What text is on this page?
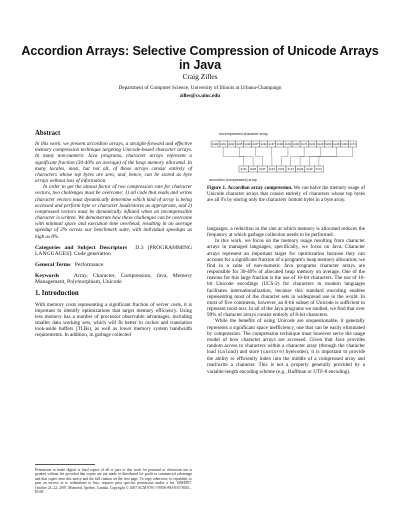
Accordion Arrays: Selective Compression of Unicode Arrays in Java
Craig Zilles
Department of Computer Science, University of Illinois at Urbana-Champaign
zilles@cs.uiuc.edu
Abstract

In this work, we present accordion arrays, a straight-forward and effective memory compression technique targeting Unicode-based character arrays. In many non-numeric Java programs, character arrays represent a significant fraction (30-40% on average) of the heap memory allocated. In many locales, most, but not all, of those arrays consist entirely of characters whose top bytes are zero, and, hence, can be stored as byte arrays without loss of information.

In order to get the almost factor of two compression rate for character vectors, two challenges must be overcome: 1) all code that reads and writes character vectors must dynamically determine which kind of array is being accessed and perform byte or character loads/stores as appropriate, and 2) compressed vectors must be dynamically inflated when an incompressible character is written. We demonstrate how these challenges can be overcome with minimal space and execution time overhead, resulting in an average speedup of 2% across our benchmark suite, with individual speedups as high as 8%.

Categories and Subject Descriptors D.3 [PROGRAMMING LANGUAGES]: Code generation

General Terms Performance

Keywords	Array, Character, Compression, Java, Memory Management, Polymorphism, Unicode

1. Introduction

With memory costs representing a significant fraction of server costs, it is important to identify optimizations that target memory efficiency. Using less memory has a number of processor observable advantages, including smaller data working sets, which will fit better in caches and translation look-aside buffers (TLBs), as well as lower memory system bandwidth requirements. In addition, in garbage collected

Permission to make digital or hard copies of all or part of this work for personal or classroom use is granted without fee provided that copies are not made or distributed for profit or commercial advantage and that copies bear this notice and the full citation on the first page. To copy otherwise, to republish, to post on servers or to redistribute to lists, requires prior specific permission and/or a fee. ISMM'07, October 21–22, 2007, Montréal, Québec, Canada. Copyright © 2007 ACM 978-1-59593-893-0/07/0010... $5.00
uncompressed character array
0x00 0x6c 0x00 0x65 0x00 0x6f 0x00 0x67 0x00 0x61 0x00 0x74 0x00 0x20 0x00 0x49 0x00 0x74
0x6c 0x65 0x6f 0x67 0x61 0x74 0x20 0x49 0x74
accordion (compressed) array
Figure 1. Accordion array compression. We can halve the memory usage of Unicode character arrays that consist entirely of characters whose top bytes are all 0's by storing only the characters' bottom bytes in a byte array.

languages, a reduction in the rate at which memory is allocated reduces the frequency at which garbage collection needs to be performed.

In this work, we focus on the memory usage resulting from character arrays in managed languages, specifically, we focus on Java. Character arrays represent an important target for optimization because they can account for a significant fraction of a program's heap memory allocation; we find in a suite of non-numeric Java programs character arrays are responsible for 30-40% of allocated heap memory on average. One of the reasons for this large fraction is the use of 16-bit characters. The use of 16-bit Unicode encodings (UCS-2) for characters in modern languages facilitates internationalization, because this standard encoding enables representing most of the character sets in widespread use in the world. In most of five continents, however, an 8-bit subset of Unicode is sufficient to represent most text. In all of the Java programs we studied, we find that over 99% of character arrays consist entirely of 8-bit characters.

While the benefits of using Unicode are unquestionable, it generally represents a significant space inefficiency, one that can be easily eliminated by compression. The compression technique must however serve the usage model of how character arrays are accessed. Given that Java provides random access to characters within a character array (through the character load (caload) and store (castore) bytecodes), it is important to provide the ability to efficiently index into the middle of a compressed array and read/write a character. This is not a property generally provided by a variable-length encoding scheme (e.g., Huffman or UTF-8 encoding).
